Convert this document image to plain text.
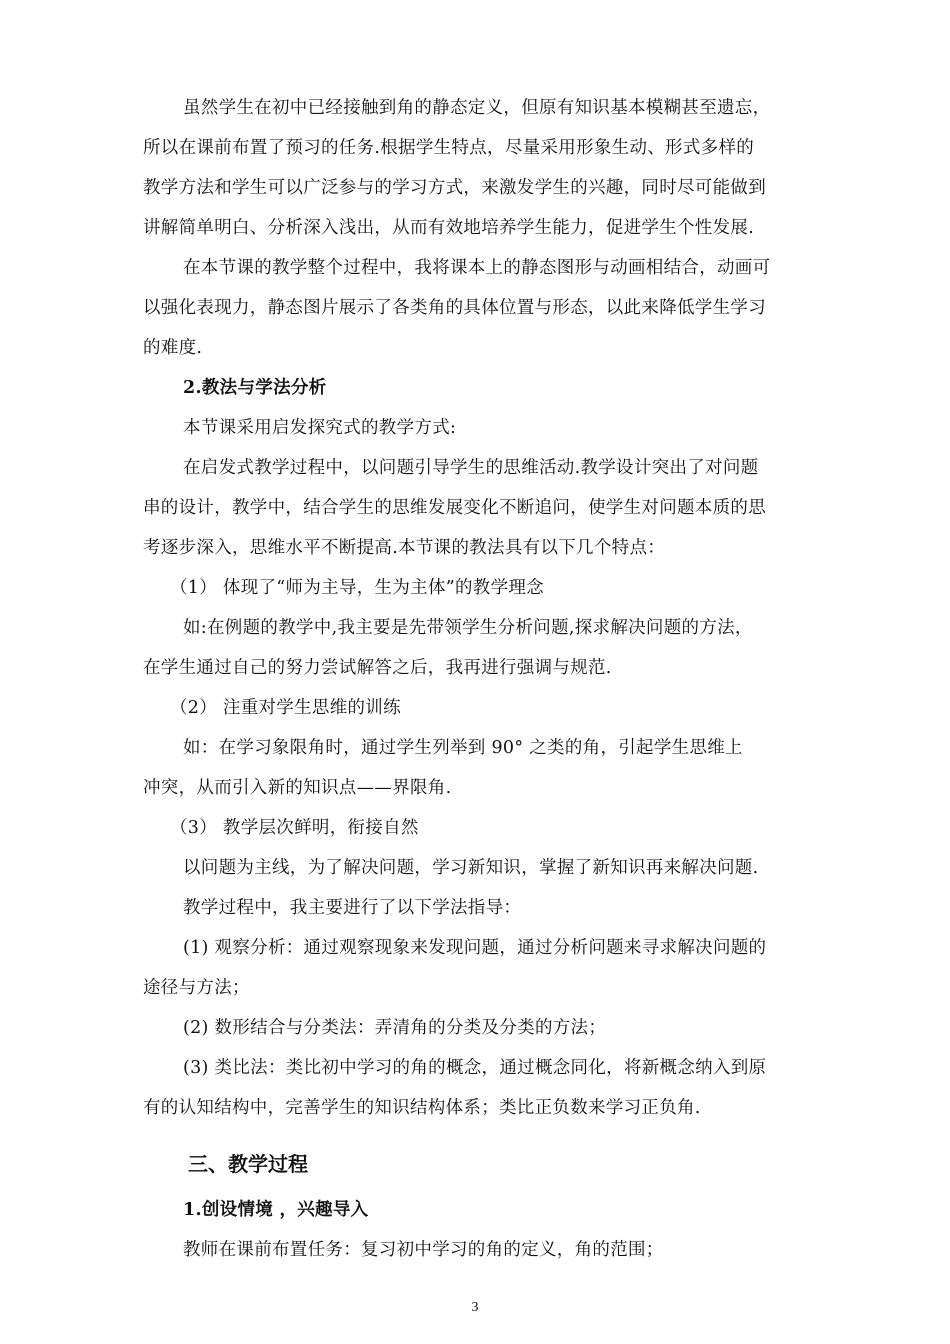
虽然学生在初中已经接触到角的静态定义，但原有知识基本模糊甚至遗忘，
所以在课前布置了预习的任务.根据学生特点，尽量采用形象生动、形式多样的
教学方法和学生可以广泛参与的学习方式，来激发学生的兴趣，同时尽可能做到
讲解简单明白、分析深入浅出，从而有效地培养学生能力，促进学生个性发展.
在本节课的教学整个过程中，我将课本上的静态图形与动画相结合，动画可
以强化表现力，静态图片展示了各类角的具体位置与形态，以此来降低学生学习
的难度.
2.教法与学法分析
本节课采用启发探究式的教学方式:
在启发式教学过程中，以问题引导学生的思维活动.教学设计突出了对问题
串的设计，教学中，结合学生的思维发展变化不断追问，使学生对问题本质的思
考逐步深入，思维水平不断提高.本节课的教法具有以下几个特点：
（1） 体现了“师为主导，生为主体”的教学理念
如:在例题的教学中,我主要是先带领学生分析问题,探求解决问题的方法，
在学生通过自己的努力尝试解答之后，我再进行强调与规范.
（2） 注重对学生思维的训练
如：在学习象限角时，通过学生列举到 90° 之类的角，引起学生思维上
冲突，从而引入新的知识点——界限角.
（3） 教学层次鲜明，衔接自然
以问题为主线，为了解决问题，学习新知识，掌握了新知识再来解决问题.
教学过程中，我主要进行了以下学法指导：
(1) 观察分析：通过观察现象来发现问题，通过分析问题来寻求解决问题的
途径与方法；
(2) 数形结合与分类法：弄清角的分类及分类的方法；
(3) 类比法：类比初中学习的角的概念，通过概念同化，将新概念纳入到原
有的认知结构中，完善学生的知识结构体系；类比正负数来学习正负角.
三、教学过程
1.创设情境 ，兴趣导入
教师在课前布置任务：复习初中学习的角的定义，角的范围；
3
